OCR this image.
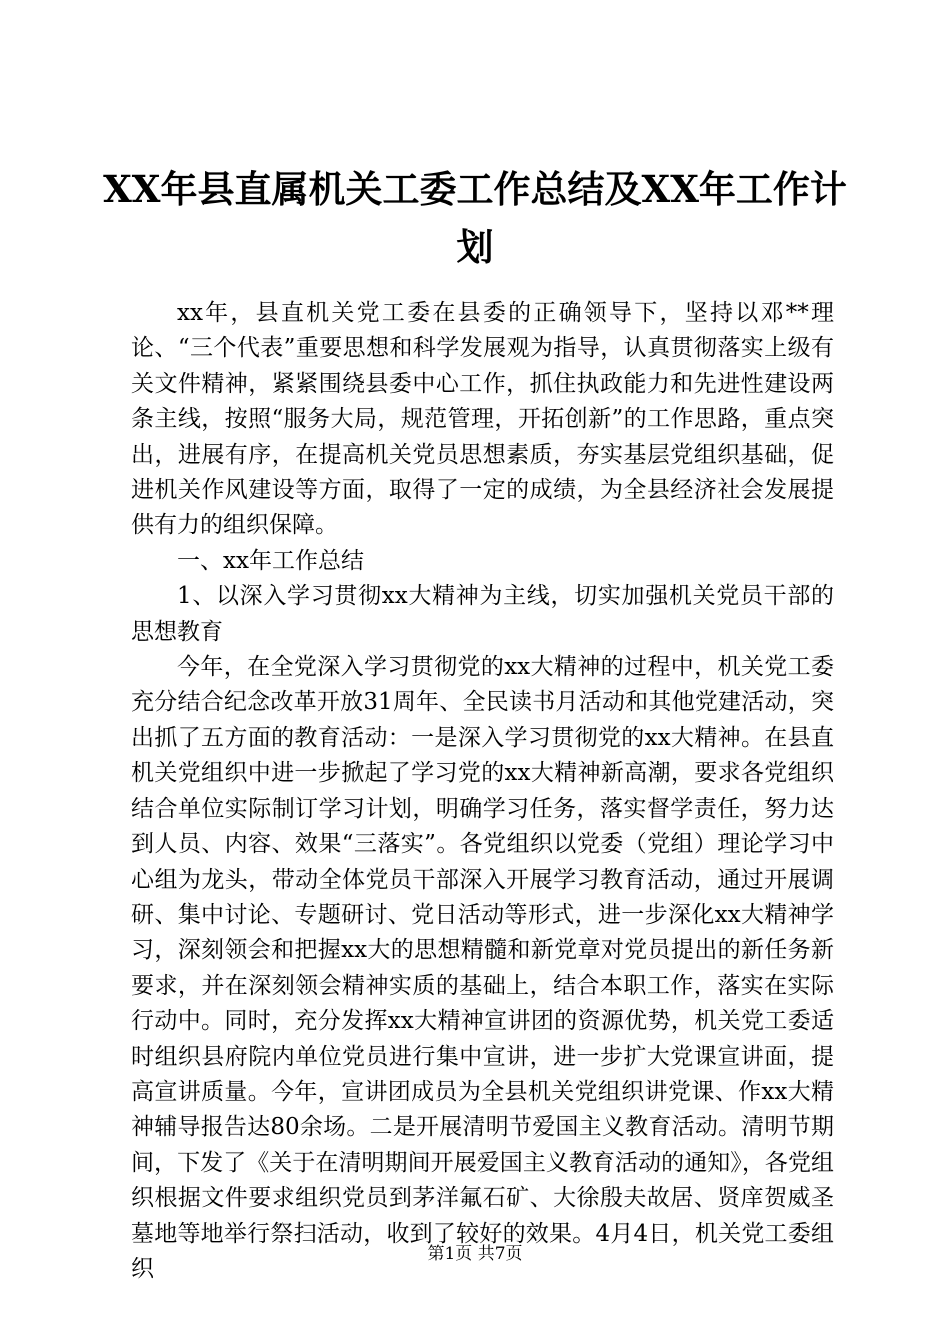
XX年县直属机关工委工作总结及XX年工作计划

xx年，县直机关党工委在县委的正确领导下，坚持以邓**理论、“三个代表”重要思想和科学发展观为指导，认真贯彻落实上级有关文件精神，紧紧围绕县委中心工作，抓住执政能力和先进性建设两条主线，按照“服务大局，规范管理，开拓创新”的工作思路，重点突出，进展有序，在提高机关党员思想素质，夯实基层党组织基础，促进机关作风建设等方面，取得了一定的成绩，为全县经济社会发展提供有力的组织保障。

一、xx年工作总结

1、以深入学习贯彻xx大精神为主线，切实加强机关党员干部的思想教育

今年，在全党深入学习贯彻党的xx大精神的过程中，机关党工委充分结合纪念改革开放31周年、全民读书月活动和其他党建活动，突出抓了五方面的教育活动：一是深入学习贯彻党的xx大精神。在县直机关党组织中进一步掀起了学习党的xx大精神新高潮，要求各党组织结合单位实际制订学习计划，明确学习任务，落实督学责任，努力达到人员、内容、效果“三落实”。各党组织以党委（党组）理论学习中心组为龙头，带动全体党员干部深入开展学习教育活动，通过开展调研、集中讨论、专题研讨、党日活动等形式，进一步深化xx大精神学习，深刻领会和把握xx大的思想精髓和新党章对党员提出的新任务新要求，并在深刻领会精神实质的基础上，结合本职工作，落实在实际行动中。同时，充分发挥xx大精神宣讲团的资源优势，机关党工委适时组织县府院内单位党员进行集中宣讲，进一步扩大党课宣讲面，提高宣讲质量。今年，宣讲团成员为全县机关党组织讲党课、作xx大精神辅导报告达80余场。二是开展清明节爱国主义教育活动。清明节期间，下发了《关于在清明期间开展爱国主义教育活动的通知》，各党组织根据文件要求组织党员到茅洋氟石矿、大徐殷夫故居、贤庠贺威圣墓地等地举行祭扫活动，收到了较好的效果。4月4日，机关党工委组织

第1页 共7页
